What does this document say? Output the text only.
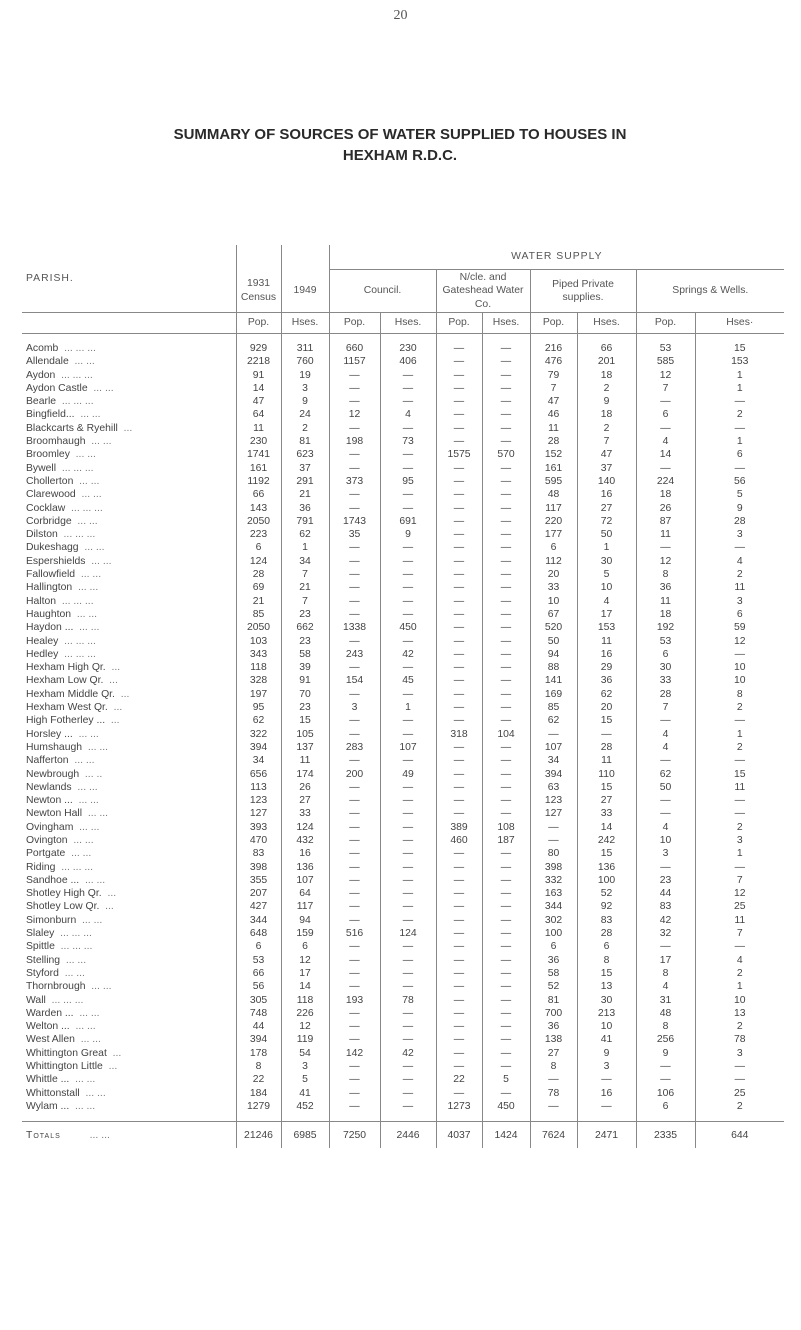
20
SUMMARY OF SOURCES OF WATER SUPPLIED TO HOUSES IN
HEXHAM R.D.C.
PARISH.			WATER SUPPLY							
	1931 Census	1949	Council.		N/cle. and Gateshead Water Co.		Piped Private supplies.		Springs & Wells.	
	Pop.	Hses.	Pop.	Hses.	Pop.	Hses.	Pop.	Hses.	Pop.	Hses·

Acomb ... ... ...	929	311	660	230	—	—	216	66	53	15
Allendale ... ...	2218	760	1157	406	—	—	476	201	585	153
Aydon ... ... ...	91	19	—	—	—	—	79	18	12	1
Aydon Castle ... ...	14	3	—	—	—	—	7	2	7	1
Bearle ... ... ...	47	9	—	—	—	—	47	9	—	—
Bingfield... ... ...	64	24	12	4	—	—	46	18	6	2
Blackcarts & Ryehill ...	11	2	—	—	—	—	11	2	—	—
Broomhaugh ... ...	230	81	198	73	—	—	28	7	4	1
Broomley ... ...	1741	623	—	—	1575	570	152	47	14	6
Bywell ... ... ...	161	37	—	—	—	—	161	37	—	—
Chollerton ... ...	1192	291	373	95	—	—	595	140	224	56
Clarewood ... ...	66	21	—	—	—	—	48	16	18	5
Cocklaw ... ... ...	143	36	—	—	—	—	117	27	26	9
Corbridge ... ...	2050	791	1743	691	—	—	220	72	87	28
Dilston ... ... ...	223	62	35	9	—	—	177	50	11	3
Dukeshagg ... ...	6	1	—	—	—	—	6	1	—	—
Espershields ... ...	124	34	—	—	—	—	112	30	12	4
Fallowfield ... ...	28	7	—	—	—	—	20	5	8	2
Hallington ... ...	69	21	—	—	—	—	33	10	36	11
Halton ... ... ...	21	7	—	—	—	—	10	4	11	3
Haughton ... ...	85	23	—	—	—	—	67	17	18	6
Haydon ... ... ...	2050	662	1338	450	—	—	520	153	192	59
Healey ... ... ...	103	23	—	—	—	—	50	11	53	12
Hedley ... ... ...	343	58	243	42	—	—	94	16	6	—
Hexham High Qr. ...	118	39	—	—	—	—	88	29	30	10
Hexham Low Qr. ...	328	91	154	45	—	—	141	36	33	10
Hexham Middle Qr. ...	197	70	—	—	—	—	169	62	28	8
Hexham West Qr. ...	95	23	3	1	—	—	85	20	7	2
High Fotherley ... ...	62	15	—	—	—	—	62	15	—	—
Horsley ... ... ...	322	105	—	—	318	104	—	—	4	1
Humshaugh ... ...	394	137	283	107	—	—	107	28	4	2
Nafferton ... ...	34	11	—	—	—	—	34	11	—	—
Newbrough ... ..	656	174	200	49	—	—	394	110	62	15
Newlands ... ...	113	26	—	—	—	—	63	15	50	11
Newton ... ... ...	123	27	—	—	—	—	123	27	—	—
Newton Hall ... ...	127	33	—	—	—	—	127	33	—	—
Ovingham ... ...	393	124	—	—	389	108	—	14	4	2
Ovington ... ...	470	432	—	—	460	187	—	242	10	3
Portgate ... ...	83	16	—	—	—	—	80	15	3	1
Riding ... ... ...	398	136	—	—	—	—	398	136	—	—
Sandhoe ... ... ...	355	107	—	—	—	—	332	100	23	7
Shotley High Qr. ...	207	64	—	—	—	—	163	52	44	12
Shotley Low Qr. ...	427	117	—	—	—	—	344	92	83	25
Simonburn ... ...	344	94	—	—	—	—	302	83	42	11
Slaley ... ... ...	648	159	516	124	—	—	100	28	32	7
Spittle ... ... ...	6	6	—	—	—	—	6	6	—	—
Stelling ... ...	53	12	—	—	—	—	36	8	17	4
Styford ... ...	66	17	—	—	—	—	58	15	8	2
Thornbrough ... ...	56	14	—	—	—	—	52	13	4	1
Wall ... ... ...	305	118	193	78	—	—	81	30	31	10
Warden ... ... ...	748	226	—	—	—	—	700	213	48	13
Welton ... ... ...	44	12	—	—	—	—	36	10	8	2
West Allen ... ...	394	119	—	—	—	—	138	41	256	78
Whittington Great ...	178	54	142	42	—	—	27	9	9	3
Whittington Little ...	8	3	—	—	—	—	8	3	—	—
Whittle ... ... ...	22	5	—	—	22	5	—	—	—	—
Whittonstall ... ...	184	41	—	—	—	—	78	16	106	25
Wylam ... ... ...	1279	452	—	—	1273	450	—	—	6	2

Totals ... ...	21246	6985	7250	2446	4037	1424	7624	2471	2335	644
